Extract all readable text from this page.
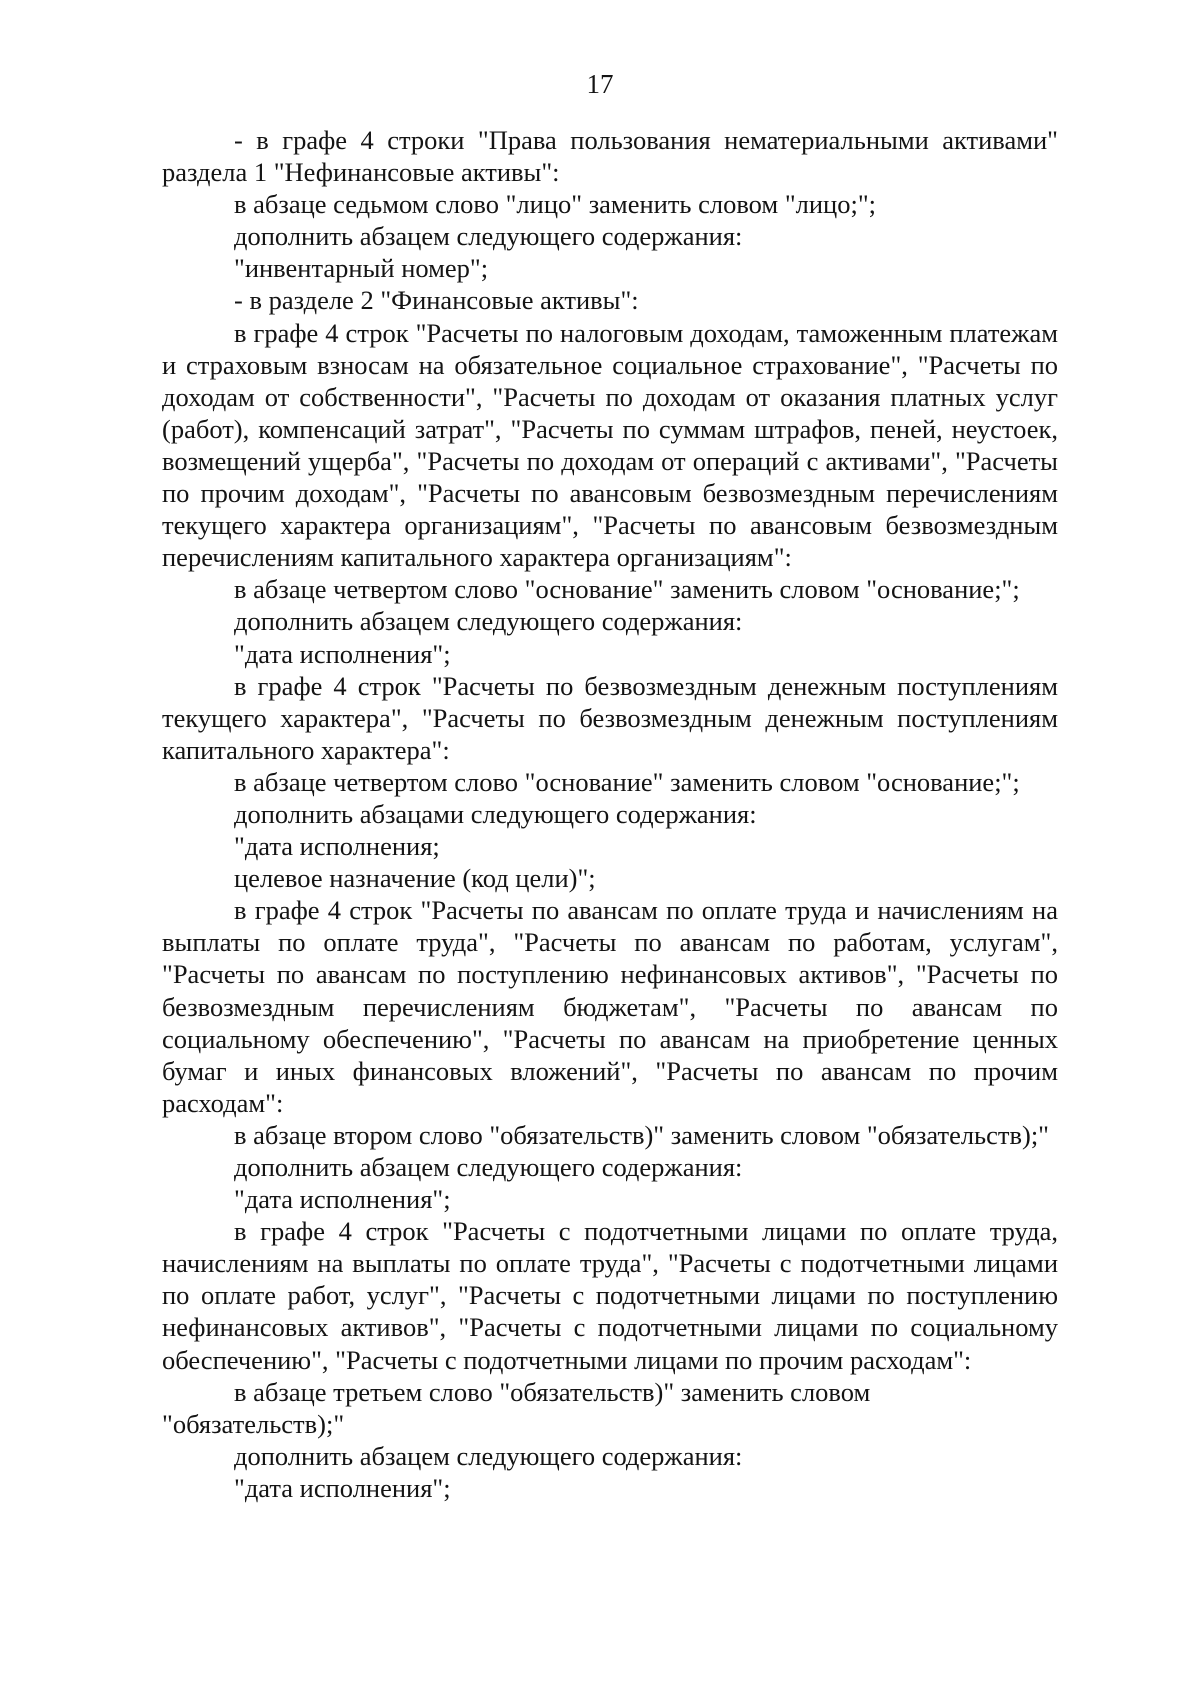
17

- в графе 4 строки "Права пользования нематериальными активами" раздела 1 "Нефинансовые активы":

в абзаце седьмом слово "лицо" заменить словом "лицо;";

дополнить абзацем следующего содержания:

"инвентарный номер";

- в разделе 2 "Финансовые активы":

в графе 4 строк "Расчеты по налоговым доходам, таможенным платежам и страховым взносам на обязательное социальное страхование", "Расчеты по доходам от собственности", "Расчеты по доходам от оказания платных услуг (работ), компенсаций затрат", "Расчеты по суммам штрафов, пеней, неустоек, возмещений ущерба", "Расчеты по доходам от операций с активами", "Расчеты по прочим доходам", "Расчеты по авансовым безвозмездным перечислениям текущего характера организациям", "Расчеты по авансовым безвозмездным перечислениям капитального характера организациям":

в абзаце четвертом слово "основание" заменить словом "основание;";

дополнить абзацем следующего содержания:

"дата исполнения";

в графе 4 строк "Расчеты по безвозмездным денежным поступлениям текущего характера", "Расчеты по безвозмездным денежным поступлениям капитального характера":

в абзаце четвертом слово "основание" заменить словом "основание;";

дополнить абзацами следующего содержания:

"дата исполнения;

целевое назначение (код цели)";

в графе 4 строк "Расчеты по авансам по оплате труда и начислениям на выплаты по оплате труда", "Расчеты по авансам по работам, услугам", "Расчеты по авансам по поступлению нефинансовых активов", "Расчеты по безвозмездным перечислениям бюджетам", "Расчеты по авансам по социальному обеспечению", "Расчеты по авансам на приобретение ценных бумаг и иных финансовых вложений", "Расчеты по авансам по прочим расходам":

в абзаце втором слово "обязательств)" заменить словом "обязательств);"

дополнить абзацем следующего содержания:

"дата исполнения";

в графе 4 строк "Расчеты с подотчетными лицами по оплате труда, начислениям на выплаты по оплате труда", "Расчеты с подотчетными лицами по оплате работ, услуг", "Расчеты с подотчетными лицами по поступлению нефинансовых активов", "Расчеты с подотчетными лицами по социальному обеспечению", "Расчеты с подотчетными лицами по прочим расходам":

в абзаце третьем слово "обязательств)" заменить словом "обязательств);"

дополнить абзацем следующего содержания:

"дата исполнения";
